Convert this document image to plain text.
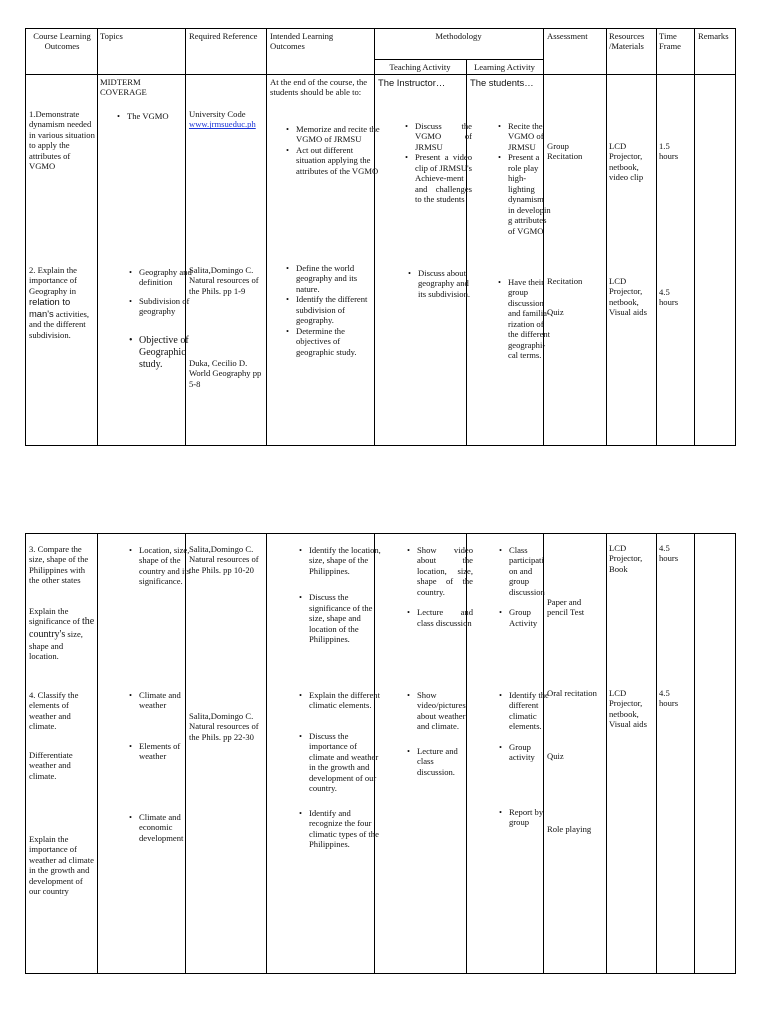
Course Learning Outcomes
Topics	Required Reference Intended Learning Outcomes
Methodology
Teaching Activity	Learning Activity
Assessment Resources /Materials
Time Frame
Remarks
MIDTERM COVERAGE
At the end of the course, the students should be able to:
The Instructor…	The students…
1.Demonstrate dynamism needed in various situation to apply the attributes of VGMO
• The VGMO	University Code
www.jrmsueduc.ph
•	Memorize and recite the VGMO of JRMSU
• Act out different situation applying the attributes of the VGMO
• Discuss the VGMO of JRMSU
• Present a video clip of JRMSU's Achieve-ment and challenges to the students
• Recite the VGMO of JRMSU
• Present a role play high-lighting dynamism in developin g attributes of VGMO
Group Recitation
LCD Projector, netbook, video clip
1.5 hours
2. Explain the importance of Geography in relation to man's activities, and the different subdivision.
• Geography and definition
• Subdivision of geography
• Objective of Geographic study.
Salita,Domingo C. Natural resources of the Phils. pp 1-9
Duka, Cecilio D. World Geography pp 5-8
• Define the world geography and its nature.
• Identify the different subdivision of geography.
• Determine the objectives of geographic study.
• Discuss about geography and its subdivision.
• Have their group discussion and familia-rization of the different geographi-cal terms.
Recitation
Quiz
LCD Projector, netbook, Visual aids
4.5 hours
3. Compare the size, shape of the Philippines with the other states
Explain the significance of the country's size, shape and location.
• Location, size, shape of the country and its significance.
Salita,Domingo C. Natural resources of the Phils. pp 10-20
• Identify the location, size, shape of the Philippines.
• Discuss the significance of the size, shape and location of the Philippines.
• Show video about the location, size, shape of the country.
• Lecture and class discussion
• Class participati on and group discussion
• Group Activity
Paper and pencil Test
LCD Projector, Book
4.5 hours
4. Classify the elements of weather and climate.
Differentiate weather and climate.
Explain the importance of weather ad climate in the growth and development of our country
• Climate and weather
• Elements of weather
• Climate and economic development
Salita,Domingo C. Natural resources of the Phils. pp 22-30
• Explain the different climatic elements.
• Discuss the importance of climate and weather in the growth and development of our country.
• Identify and recognize the four climatic types of the Philippines.
• Show video/pictures about weather and climate.
• Lecture and class discussion.
• Identify the different climatic elements.
• Group activity
• Report by group
Oral recitation
Quiz
Role playing
LCD Projector, netbook, Visual aids
4.5 hours
